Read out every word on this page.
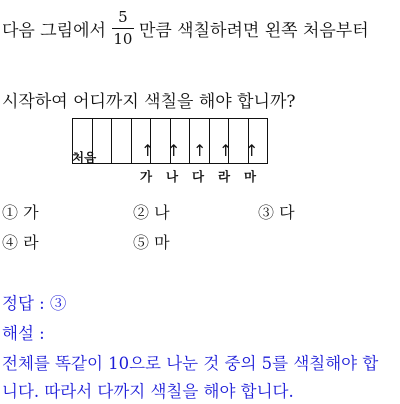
다음 그림에서 $\frac{5}{10}$ 만큼 색칠하려면 왼쪽 처음부터
시작하여 어디까지 색칠을 해야 합니까?
처음	↑ ↑ ↑ ↑ ↑
가 나 다 라 마
① 가	② 나	③ 다
④ 라	⑤ 마
정답 : ③
해설 :
전체를 똑같이 10으로 나눈 것 중의 5를 색칠해야 합
니다. 따라서 다까지 색칠을 해야 합니다.
